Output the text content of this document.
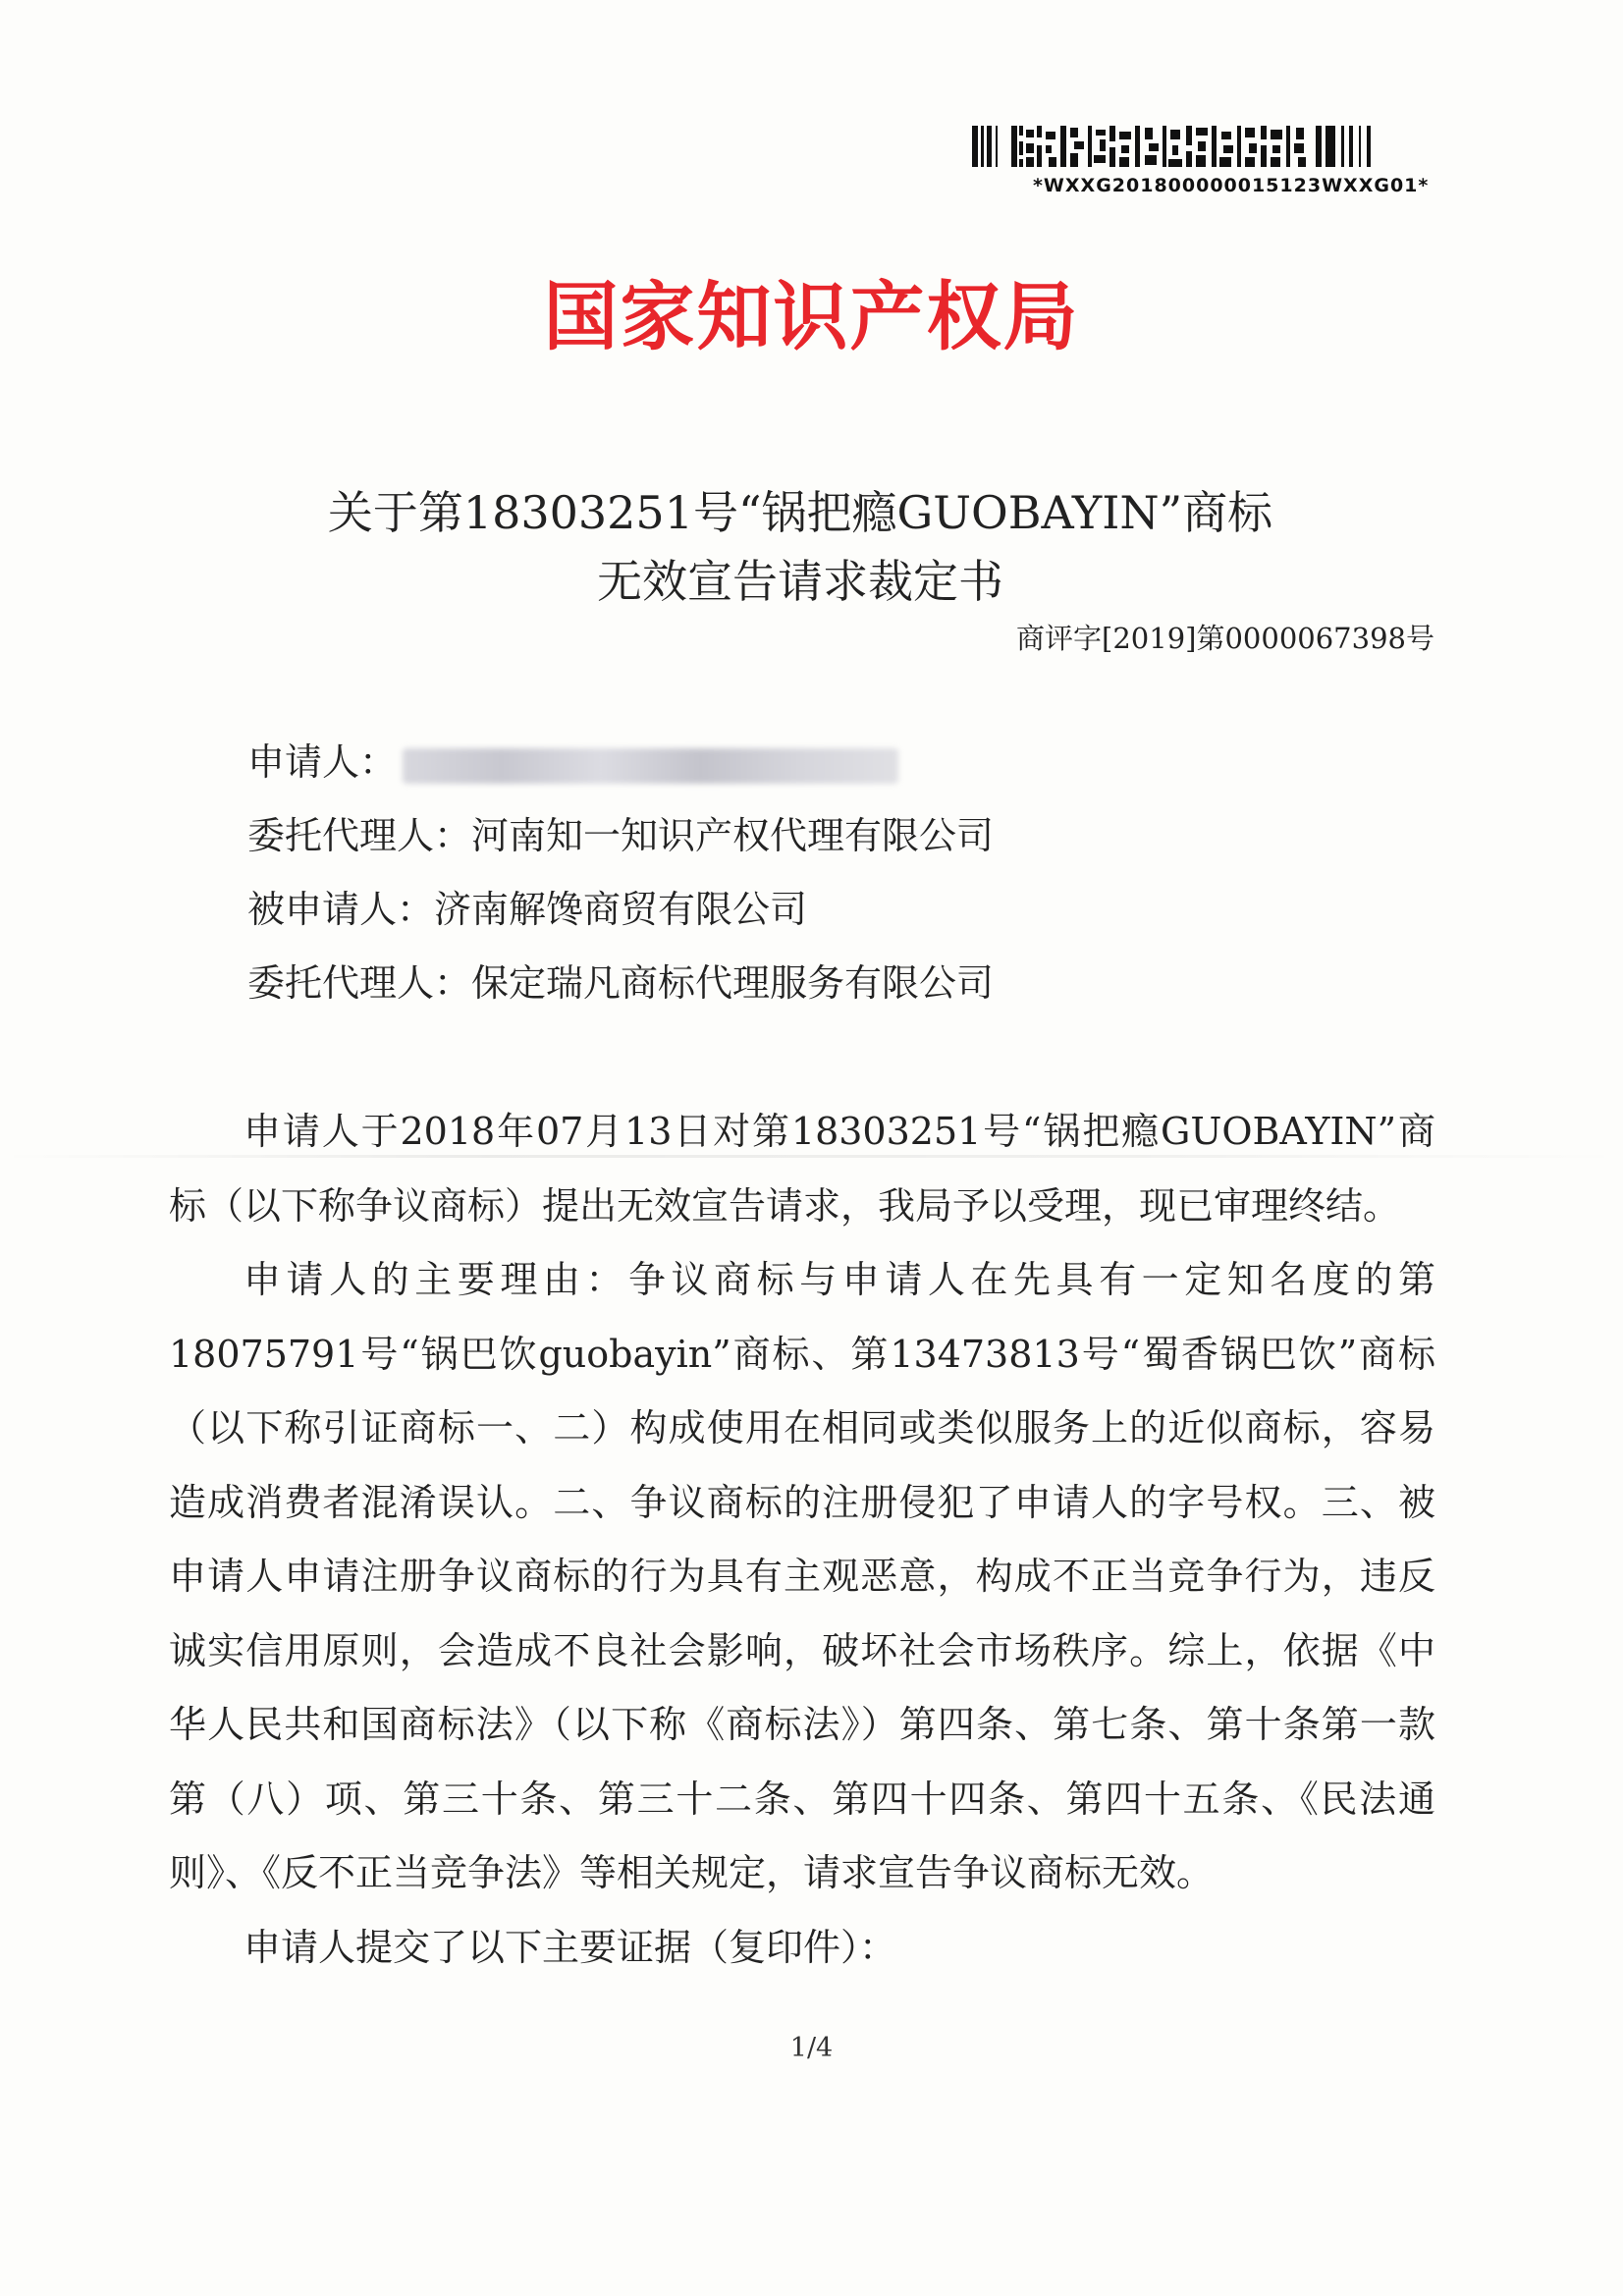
*WXXG201800000015123WXXG01*
国家知识产权局
关于第18303251号“锅把瘾GUOBAYIN”商标
无效宣告请求裁定书
商评字[2019]第0000067398号
申请人：
委托代理人：河南知一知识产权代理有限公司
被申请人：济南解馋商贸有限公司
委托代理人：保定瑞凡商标代理服务有限公司

申请人于2018年07月13日对第18303251号“锅把瘾GUOBAYIN”商标（以下称争议商标）提出无效宣告请求，我局予以受理，现已审理终结。

申请人的主要理由：争议商标与申请人在先具有一定知名度的第18075791号“锅巴饮guobayin”商标、第13473813号“蜀香锅巴饮”商标（以下称引证商标一、二）构成使用在相同或类似服务上的近似商标，容易造成消费者混淆误认。二、争议商标的注册侵犯了申请人的字号权。三、被申请人申请注册争议商标的行为具有主观恶意，构成不正当竞争行为，违反诚实信用原则，会造成不良社会影响，破坏社会市场秩序。综上，依据《中华人民共和国商标法》（以下称《商标法》）第四条、第七条、第十条第一款第（八）项、第三十条、第三十二条、第四十四条、第四十五条、《民法通则》、《反不正当竞争法》等相关规定，请求宣告争议商标无效。

申请人提交了以下主要证据（复印件）：

1/4
